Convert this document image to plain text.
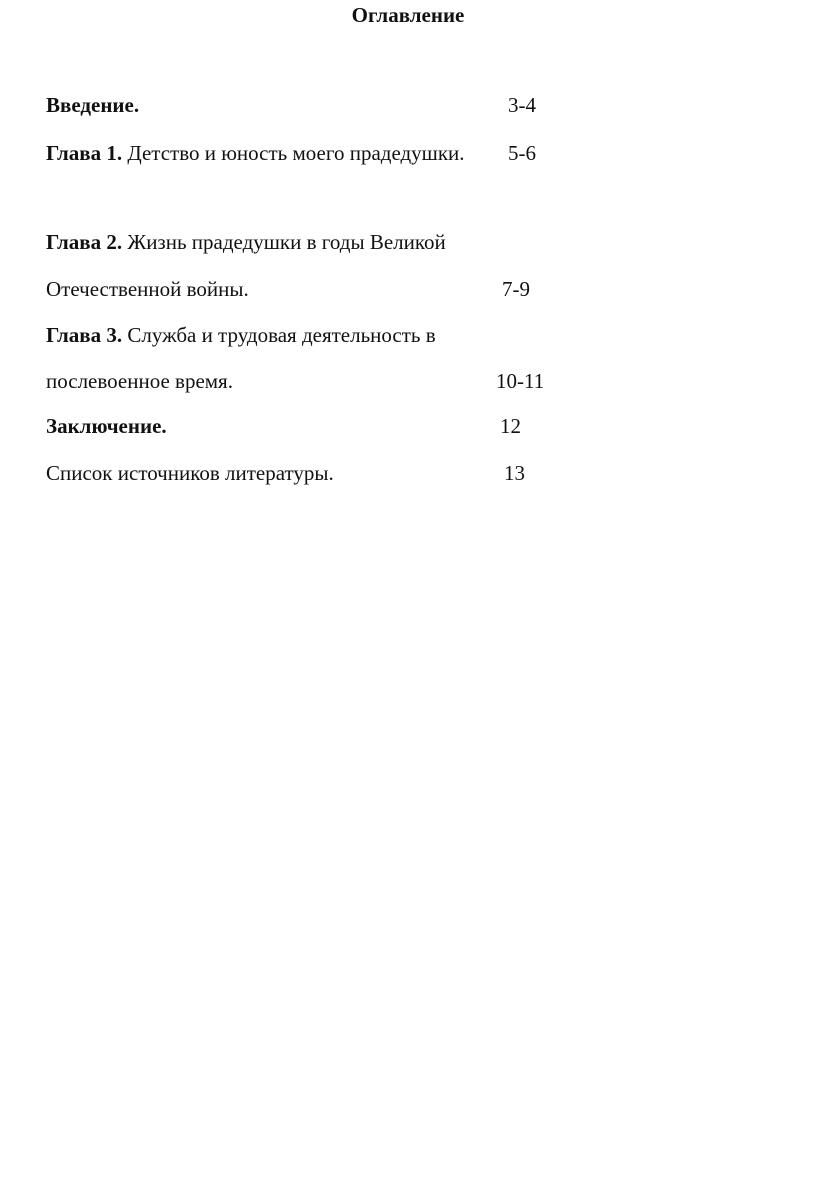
Оглавление
Введение.	3-4
Глава 1. Детство и юность моего прадедушки. 5-6
Глава 2. Жизнь прадедушки в годы Великой
Отечественной войны.	7-9
Глава 3. Служба и трудовая деятельность в
послевоенное время.	10-11
Заключение.	12
Список источников литературы.	13
